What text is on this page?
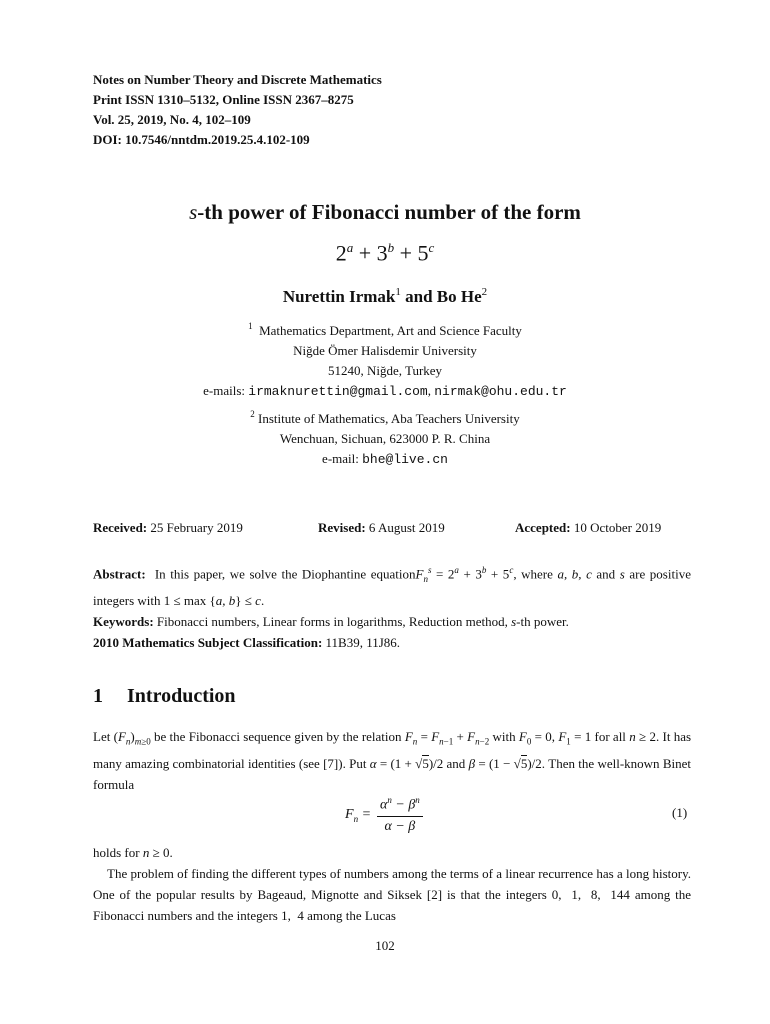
Notes on Number Theory and Discrete Mathematics
Print ISSN 1310–5132, Online ISSN 2367–8275
Vol. 25, 2019, No. 4, 102–109
DOI: 10.7546/nntdm.2019.25.4.102-109
s-th power of Fibonacci number of the form
$2^a + 3^b + 5^c$
Nurettin Irmak$^1$ and Bo He$^2$
$^1$ Mathematics Department, Art and Science Faculty
Niğde Ömer Halisdemir University
51240, Niğde, Turkey
e-mails: irmaknurettin@gmail.com, nirmak@ohu.edu.tr
$^2$ Institute of Mathematics, Aba Teachers University
Wenchuan, Sichuan, 623000 P. R. China
e-mail: bhe@live.cn
Received: 25 February 2019	Revised: 6 August 2019	Accepted: 10 October 2019
Abstract: In this paper, we solve the Diophantine equationF$_n^s$ = $2^a + 3^b + 5^c$, where a, b, c and s are positive integers with 1 ≤ max {a, b} ≤ c.
Keywords: Fibonacci numbers, Linear forms in logarithms, Reduction method, s-th power.
2010 Mathematics Subject Classification: 11B39, 11J86.
1 Introduction
Let $(F_n)_{m\ge 0}$ be the Fibonacci sequence given by the relation $F_n = F_{n-1} + F_{n-2}$ with $F_0 = 0$, $F_1 = 1$ for all n ≥ 2. It has many amazing combinatorial identities (see [7]). Put α = (1 + √5)/2 and β = (1 − √5)/2. Then the well-known Binet formula
$F_n = \frac{\alpha^n - \beta^n}{\alpha - \beta}$	(1)
holds for n ≥ 0.
The problem of finding the different types of numbers among the terms of a linear recurrence has a long history. One of the popular results by Bageaud, Mignotte and Siksek [2] is that the integers 0,  1,  8,  144 among the Fibonacci numbers and the integers 1,  4 among the Lucas
102
